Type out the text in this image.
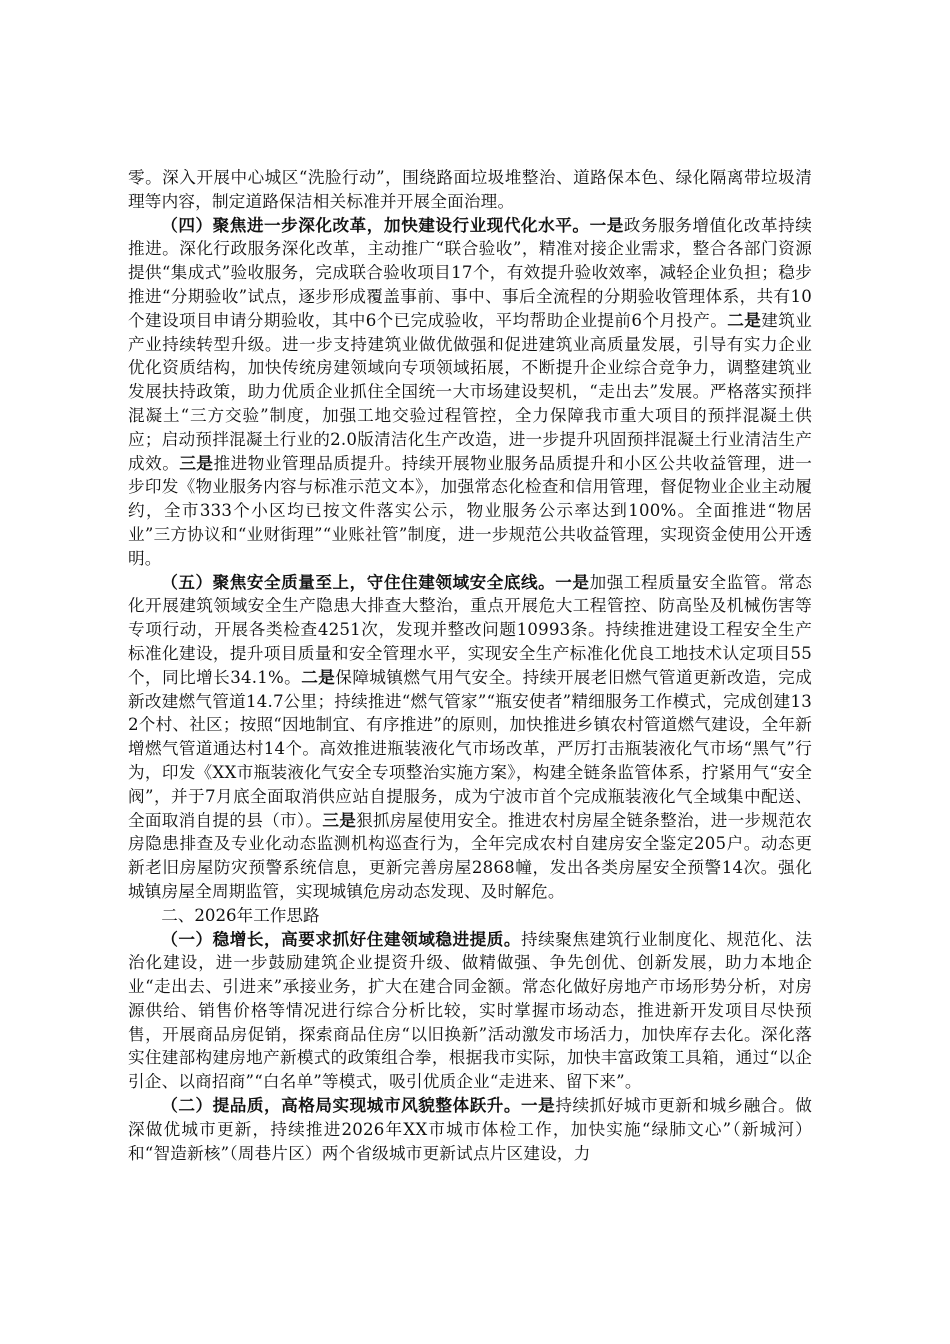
零。深入开展中心城区“洗脸行动”，围绕路面垃圾堆整治、道路保本色、绿化隔离带垃圾清理等内容，制定道路保洁相关标准并开展全面治理。

（四）聚焦进一步深化改革，加快建设行业现代化水平。一是政务服务增值化改革持续推进。深化行政服务深化改革，主动推广“联合验收”，精准对接企业需求，整合各部门资源提供“集成式”验收服务，完成联合验收项目17个，有效提升验收效率，减轻企业负担；稳步推进“分期验收”试点，逐步形成覆盖事前、事中、事后全流程的分期验收管理体系，共有10个建设项目申请分期验收，其中6个已完成验收，平均帮助企业提前6个月投产。二是建筑业产业持续转型升级。进一步支持建筑业做优做强和促进建筑业高质量发展，引导有实力企业优化资质结构，加快传统房建领域向专项领域拓展，不断提升企业综合竞争力，调整建筑业发展扶持政策，助力优质企业抓住全国统一大市场建设契机，“走出去”发展。严格落实预拌混凝土“三方交验”制度，加强工地交验过程管控，全力保障我市重大项目的预拌混凝土供应；启动预拌混凝土行业的2.0版清洁化生产改造，进一步提升巩固预拌混凝土行业清洁生产成效。三是推进物业管理品质提升。持续开展物业服务品质提升和小区公共收益管理，进一步印发《物业服务内容与标准示范文本》，加强常态化检查和信用管理，督促物业企业主动履约，全市333个小区均已按文件落实公示，物业服务公示率达到100%。全面推进“物居业”三方协议和“业财街理”“业账社管”制度，进一步规范公共收益管理，实现资金使用公开透明。

（五）聚焦安全质量至上，守住住建领域安全底线。一是加强工程质量安全监管。常态化开展建筑领域安全生产隐患大排查大整治，重点开展危大工程管控、防高坠及机械伤害等专项行动，开展各类检查4251次，发现并整改问题10993条。持续推进建设工程安全生产标准化建设，提升项目质量和安全管理水平，实现安全生产标准化优良工地技术认定项目55个，同比增长34.1%。二是保障城镇燃气用气安全。持续开展老旧燃气管道更新改造，完成新改建燃气管道14.7公里；持续推进“燃气管家”“瓶安使者”精细服务工作模式，完成创建132个村、社区；按照“因地制宜、有序推进”的原则，加快推进乡镇农村管道燃气建设，全年新增燃气管道通达村14个。高效推进瓶装液化气市场改革，严厉打击瓶装液化气市场“黑气”行为，印发《XX市瓶装液化气安全专项整治实施方案》，构建全链条监管体系，拧紧用气“安全阀”，并于7月底全面取消供应站自提服务，成为宁波市首个完成瓶装液化气全域集中配送、全面取消自提的县（市）。三是狠抓房屋使用安全。推进农村房屋全链条整治，进一步规范农房隐患排查及专业化动态监测机构巡查行为，全年完成农村自建房安全鉴定205户。动态更新老旧房屋防灾预警系统信息，更新完善房屋2868幢，发出各类房屋安全预警14次。强化城镇房屋全周期监管，实现城镇危房动态发现、及时解危。

二、2026年工作思路

（一）稳增长，高要求抓好住建领域稳进提质。持续聚焦建筑行业制度化、规范化、法治化建设，进一步鼓励建筑企业提资升级、做精做强、争先创优、创新发展，助力本地企业“走出去、引进来”承接业务，扩大在建合同金额。常态化做好房地产市场形势分析，对房源供给、销售价格等情况进行综合分析比较，实时掌握市场动态，推进新开发项目尽快预售，开展商品房促销，探索商品住房“以旧换新”活动激发市场活力，加快库存去化。深化落实住建部构建房地产新模式的政策组合拳，根据我市实际，加快丰富政策工具箱，通过“以企引企、以商招商”“白名单”等模式，吸引优质企业“走进来、留下来”。

（二）提品质，高格局实现城市风貌整体跃升。一是持续抓好城市更新和城乡融合。做深做优城市更新，持续推进2026年XX市城市体检工作，加快实施“绿肺文心”（新城河）和“智造新核”（周巷片区）两个省级城市更新试点片区建设，力
